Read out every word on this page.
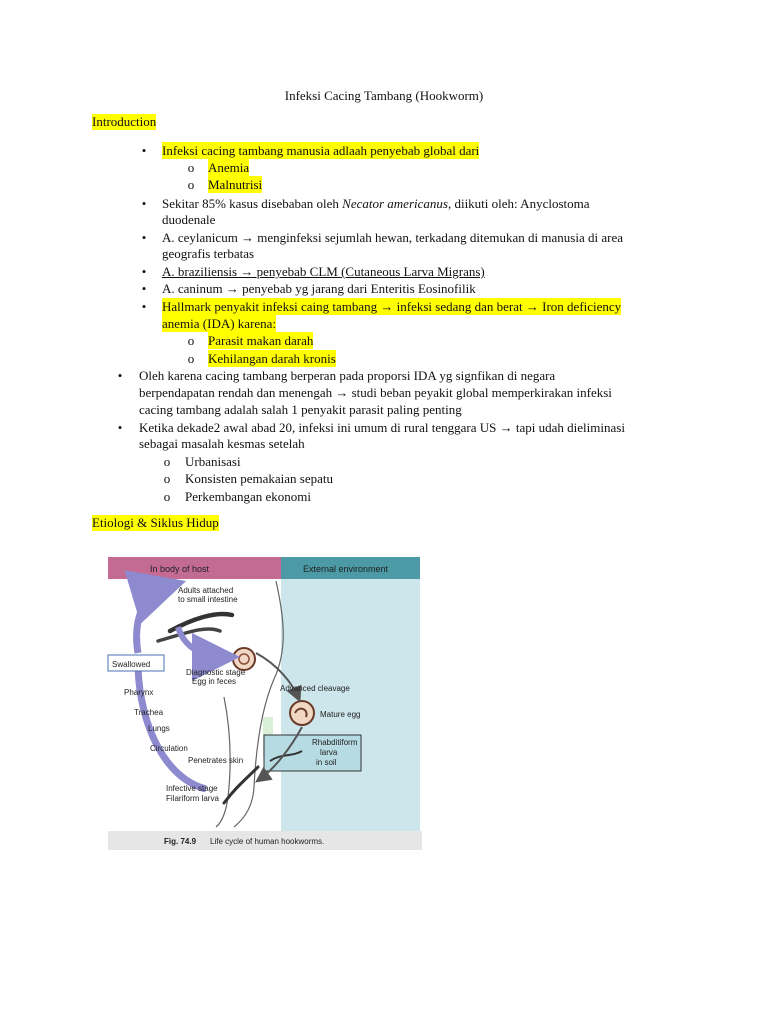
Infeksi Cacing Tambang (Hookworm)
Introduction
•	Infeksi cacing tambang manusia adlaah penyebab global dari
o Anemia
o Malnutrisi
•	Sekitar 85% kasus disebaban oleh Necator americanus, diikuti oleh: Anyclostoma
duodenale
•	A. ceylanicum → menginfeksi sejumlah hewan, terkadang ditemukan di manusia di area
geografis terbatas
•	A. braziliensis → penyebab CLM (Cutaneous Larva Migrans)
•	A. caninum → penyebab yg jarang dari Enteritis Eosinofilik
•	Hallmark penyakit infeksi caing tambang → infeksi sedang dan berat → Iron deficiency
anemia (IDA) karena:
o Parasit makan darah
o Kehilangan darah kronis
•	Oleh karena cacing tambang berperan pada proporsi IDA yg signfikan di negara
berpendapatan rendah dan menengah → studi beban peyakit global memperkirakan infeksi
cacing tambang adalah salah 1 penyakit parasit paling penting
•	Ketika dekade2 awal abad 20, infeksi ini umum di rural tenggara US → tapi udah dieliminasi
sebagai masalah kesmas setelah
o Urbanisasi
o Konsisten pemakaian sepatu
o Perkembangan ekonomi
Etiologi & Siklus Hidup
In body of host	External environment
Adults attached
to small intestine
Diagnostic stage
Egg in feces
Swallowed
Pharynx
Trachea
Lungs
Circulation
Penetrates skin
Infective stage
Filariform larva
Advanced cleavage
Mature egg
Rhabditiform
larva
in soil
Fig. 74.9 Life cycle of human hookworms.
